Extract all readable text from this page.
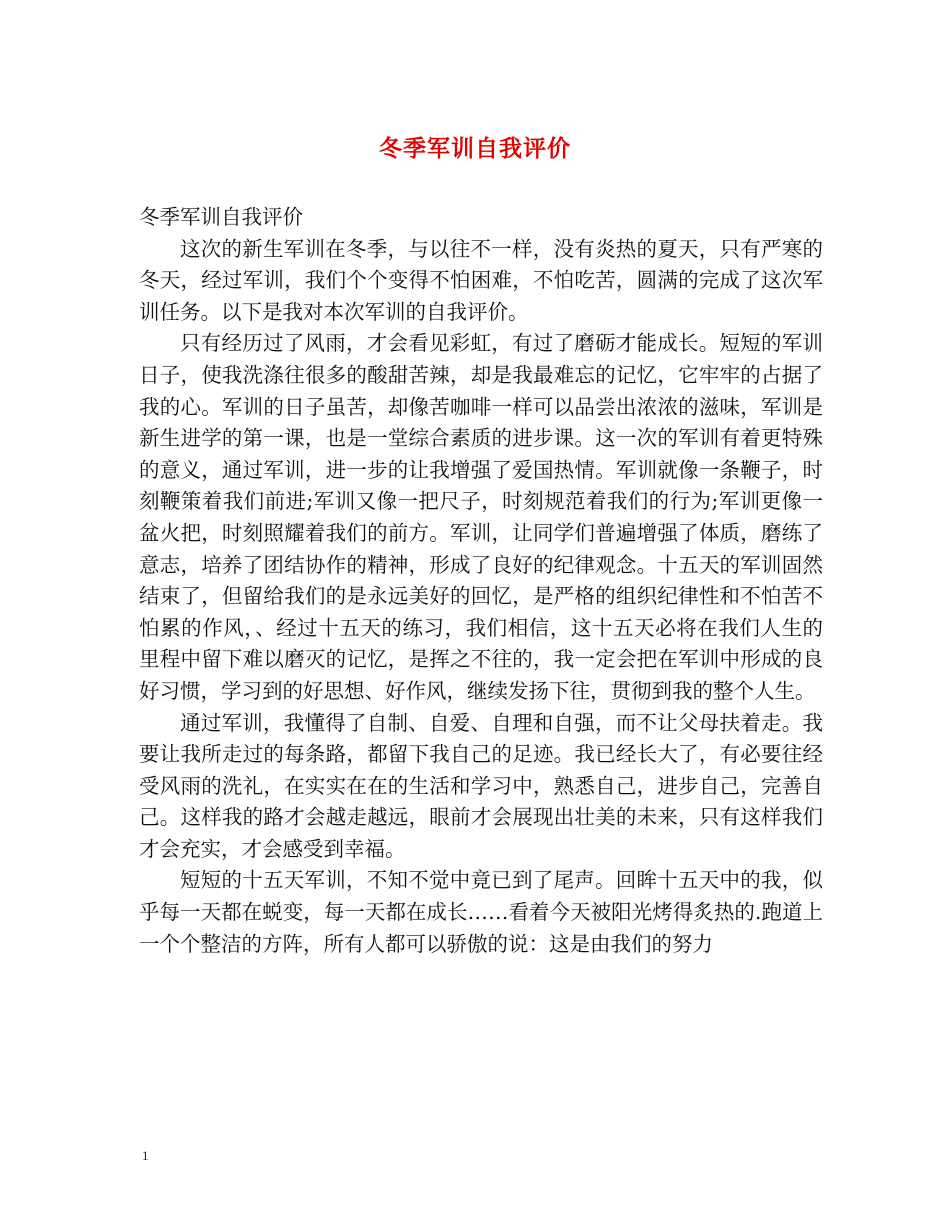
冬季军训自我评价

冬季军训自我评价

这次的新生军训在冬季，与以往不一样，没有炎热的夏天，只有严寒的冬天，经过军训，我们个个变得不怕困难，不怕吃苦，圆满的完成了这次军训任务。以下是我对本次军训的自我评价。

只有经历过了风雨，才会看见彩虹，有过了磨砺才能成长。短短的军训日子，使我洗涤往很多的酸甜苦辣，却是我最难忘的记忆，它牢牢的占据了我的心。军训的日子虽苦，却像苦咖啡一样可以品尝出浓浓的滋味，军训是新生进学的第一课，也是一堂综合素质的进步课。这一次的军训有着更特殊的意义，通过军训，进一步的让我增强了爱国热情。军训就像一条鞭子，时刻鞭策着我们前进;军训又像一把尺子，时刻规范着我们的行为;军训更像一盆火把，时刻照耀着我们的前方。军训，让同学们普遍增强了体质，磨练了意志，培养了团结协作的精神，形成了良好的纪律观念。十五天的军训固然结束了，但留给我们的是永远美好的回忆，是严格的组织纪律性和不怕苦不怕累的作风，、经过十五天的练习，我们相信，这十五天必将在我们人生的里程中留下难以磨灭的记忆，是挥之不往的，我一定会把在军训中形成的良好习惯，学习到的好思想、好作风，继续发扬下往，贯彻到我的整个人生。

通过军训，我懂得了自制、自爱、自理和自强，而不让父母扶着走。我要让我所走过的每条路，都留下我自己的足迹。我已经长大了，有必要往经受风雨的洗礼，在实实在在的生活和学习中，熟悉自己，进步自己，完善自己。这样我的路才会越走越远，眼前才会展现出壮美的未来，只有这样我们才会充实，才会感受到幸福。

短短的十五天军训，不知不觉中竟已到了尾声。回眸十五天中的我，似乎每一天都在蜕变，每一天都在成长……看着今天被阳光烤得炙热的.跑道上一个个整洁的方阵，所有人都可以骄傲的说：这是由我们的努力

1
